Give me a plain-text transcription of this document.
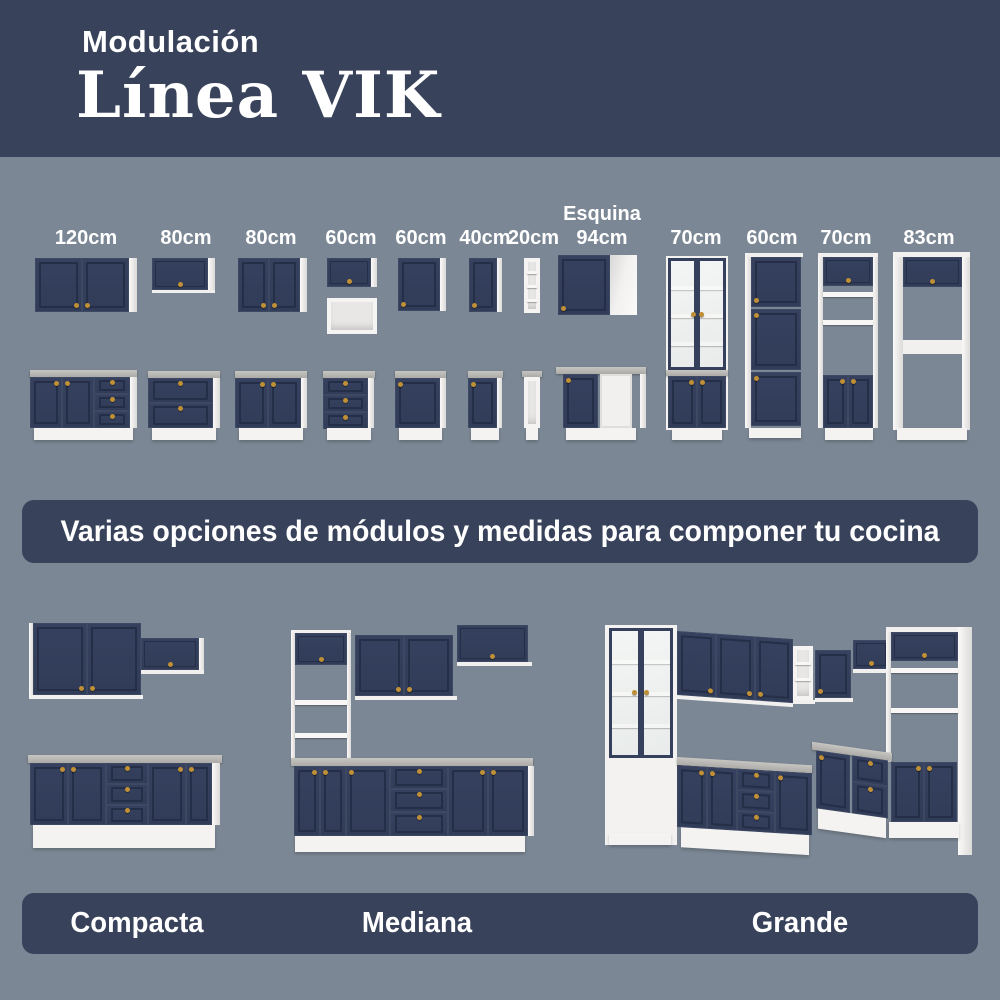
Modulación
Línea VIK
120cm	80cm	80cm	60cm 60cm 40cm
20cm
Esquina
94cm	70cm	60cm	70cm	83cm
Varias opciones de módulos y medidas para componer tu cocina
Compacta	Mediana	Grande
